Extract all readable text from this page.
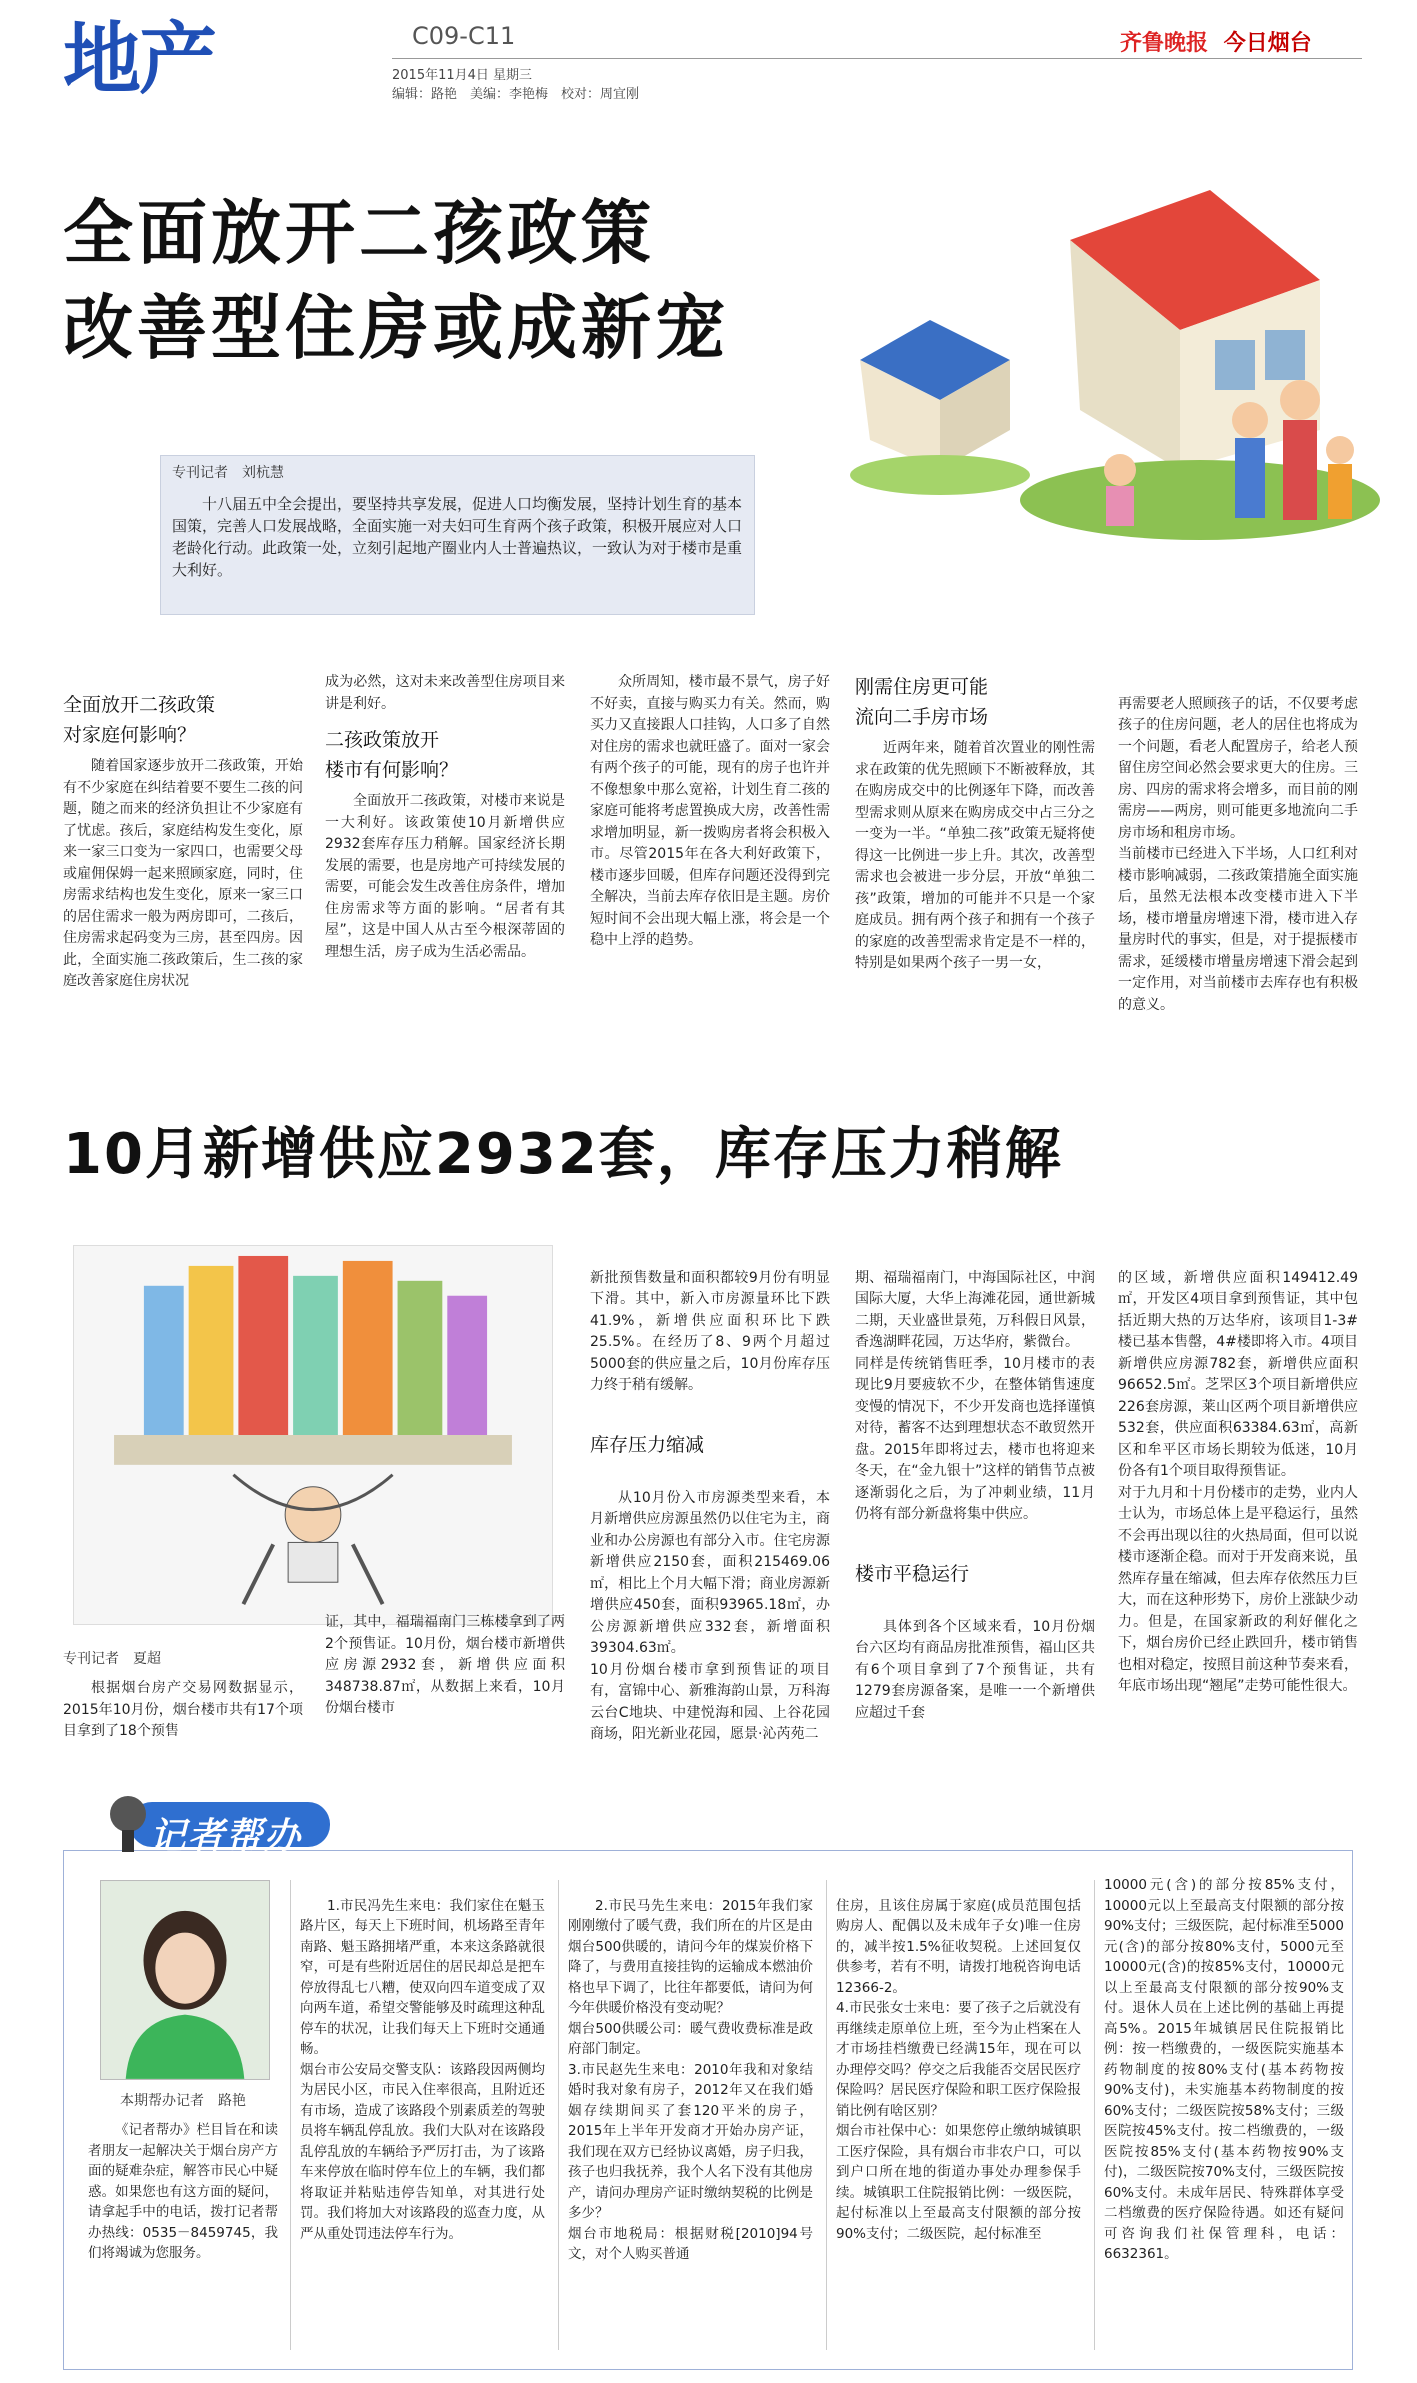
地产	C09-C11
2015年11月4日 星期三
编辑：路艳　美编：李艳梅　校对：周宜刚
齐鲁晚报 今日烟台
全面放开二孩政策
改善型住房或成新宠
专刊记者　刘杭慧
十八届五中全会提出，要坚持共享发展，促进人口均衡发展，坚持计划生育的基本国策，完善人口发展战略，全面实施一对夫妇可生育两个孩子政策，积极开展应对人口老龄化行动。此政策一处，立刻引起地产圈业内人士普遍热议，一致认为对于楼市是重大利好。
全面放开二孩政策
对家庭何影响？

随着国家逐步放开二孩政策，开始有不少家庭在纠结着要不要生二孩的问题，随之而来的经济负担让不少家庭有了忧虑。孩后，家庭结构发生变化，原来一家三口变为一家四口，也需要父母或雇佣保姆一起来照顾家庭，同时，住房需求结构也发生变化，原来一家三口的居住需求一般为两房即可，二孩后，住房需求起码变为三房，甚至四房。因此，全面实施二孩政策后，生二孩的家庭改善家庭住房状况

成为必然，这对未来改善型住房项目来讲是利好。

二孩政策放开
楼市有何影响？

全面放开二孩政策，对楼市来说是一大利好。该政策使10月新增供应2932套库存压力稍解。国家经济长期发展的需要，也是房地产可持续发展的需要，可能会发生改善住房条件，增加住房需求等方面的影响。“居者有其屋”，这是中国人从古至今根深蒂固的理想生活，房子成为生活必需品。

众所周知，楼市最不景气，房子好不好卖，直接与购买力有关。然而，购买力又直接跟人口挂钩，人口多了自然对住房的需求也就旺盛了。面对一家会有两个孩子的可能，现有的房子也许并不像想象中那么宽裕，计划生育二孩的家庭可能将考虑置换成大房，改善性需求增加明显，新一拨购房者将会积极入市。尽管2015年在各大利好政策下，楼市逐步回暖，但库存问题还没得到完全解决，当前去库存依旧是主题。房价短时间不会出现大幅上涨，将会是一个稳中上浮的趋势。

刚需住房更可能
流向二手房市场

近两年来，随着首次置业的刚性需求在政策的优先照顾下不断被释放，其在购房成交中的比例逐年下降，而改善型需求则从原来在购房成交中占三分之一变为一半。“单独二孩”政策无疑将使得这一比例进一步上升。其次，改善型需求也会被进一步分层，开放“单独二孩”政策，增加的可能并不只是一个家庭成员。拥有两个孩子和拥有一个孩子的家庭的改善型需求肯定是不一样的，特别是如果两个孩子一男一女，

再需要老人照顾孩子的话，不仅要考虑孩子的住房问题，老人的居住也将成为一个问题，看老人配置房子，给老人预留住房空间必然会要求更大的住房。三房、四房的需求将会增多，而目前的刚需房——两房，则可能更多地流向二手房市场和租房市场。
当前楼市已经进入下半场，人口红利对楼市影响减弱，二孩政策措施全面实施后，虽然无法根本改变楼市进入下半场，楼市增量房增速下滑，楼市进入存量房时代的事实，但是，对于提振楼市需求，延缓楼市增量房增速下滑会起到一定作用，对当前楼市去库存也有积极的意义。

10月新增供应2932套，库存压力稍解
专刊记者　夏超

根据烟台房产交易网数据显示，2015年10月份，烟台楼市共有17个项目拿到了18个预售

证，其中，福瑞福南门三栋楼拿到了两2个预售证。10月份，烟台楼市新增供应房源2932套，新增供应面积348738.87㎡，从数据上来看，10月份烟台楼市

新批预售数量和面积都较9月份有明显下滑。其中，新入市房源量环比下跌41.9%，新增供应面积环比下跌25.5%。在经历了8、9两个月超过5000套的供应量之后，10月份库存压力终于稍有缓解。

库存压力缩减

从10月份入市房源类型来看，本月新增供应房源虽然仍以住宅为主，商业和办公房源也有部分入市。住宅房源新增供应2150套，面积215469.06㎡，相比上个月大幅下滑；商业房源新增供应450套，面积93965.18㎡，办公房源新增供应332套，新增面积39304.63㎡。
10月份烟台楼市拿到预售证的项目有，富锦中心、新雅海韵山景，万科海云台C地块、中建悦海和园、上谷花园商场，阳光新业花园，愿景·沁芮苑二

期、福瑞福南门，中海国际社区，中润国际大厦，大华上海滩花园，通世新城二期，天业盛世景苑，万科假日风景，香逸湖畔花园，万达华府，紫微台。
同样是传统销售旺季，10月楼市的表现比9月要疲软不少，在整体销售速度变慢的情况下，不少开发商也选择谨慎对待，蓄客不达到理想状态不敢贸然开盘。2015年即将过去，楼市也将迎来冬天，在“金九银十”这样的销售节点被逐渐弱化之后，为了冲刺业绩，11月仍将有部分新盘将集中供应。

楼市平稳运行

具体到各个区域来看，10月份烟台六区均有商品房批准预售，福山区共有6个项目拿到了7个预售证，共有1279套房源备案，是唯一一个新增供应超过千套

的区域，新增供应面积149412.49㎡，开发区4项目拿到预售证，其中包括近期大热的万达华府，该项目1-3#楼已基本售罄，4#楼即将入市。4项目新增供应房源782套，新增供应面积96652.5㎡。芝罘区3个项目新增供应226套房源，莱山区两个项目新增供应532套，供应面积63384.63㎡，高新区和牟平区市场长期较为低迷，10月份各有1个项目取得预售证。
对于九月和十月份楼市的走势，业内人士认为，市场总体上是平稳运行，虽然不会再出现以往的火热局面，但可以说楼市逐渐企稳。而对于开发商来说，虽然库存量在缩减，但去库存依然压力巨大，而在这种形势下，房价上涨缺少动力。但是，在国家新政的利好催化之下，烟台房价已经止跌回升，楼市销售也相对稳定，按照目前这种节奏来看，年底市场出现“翘尾”走势可能性很大。

记者帮办
本期帮办记者　路艳

《记者帮办》栏目旨在和读者朋友一起解决关于烟台房产方面的疑难杂症，解答市民心中疑惑。如果您也有这方面的疑问，请拿起手中的电话，拨打记者帮办热线：0535－8459745，我们将竭诚为您服务。

1.市民冯先生来电：我们家住在魁玉路片区，每天上下班时间，机场路至青年南路、魁玉路拥堵严重，本来这条路就很窄，可是有些附近居住的居民却总是把车停放得乱七八糟，使双向四车道变成了双向两车道，希望交警能够及时疏理这种乱停车的状况，让我们每天上下班时交通通畅。
烟台市公安局交警支队：该路段因两侧均为居民小区，市民入住率很高，且附近还有市场，造成了该路段个别素质差的驾驶员将车辆乱停乱放。我们大队对在该路段乱停乱放的车辆给予严厉打击，为了该路车来停放在临时停车位上的车辆，我们都将取证并粘贴违停告知单，对其进行处罚。我们将加大对该路段的巡查力度，从严从重处罚违法停车行为。

2.市民马先生来电：2015年我们家刚刚缴付了暖气费，我们所在的片区是由烟台500供暖的，请问今年的煤炭价格下降了，与费用直接挂钩的运输成本燃油价格也早下调了，比往年都要低，请问为何今年供暖价格没有变动呢？
烟台500供暖公司：暖气费收费标准是政府部门制定。
3.市民赵先生来电：2010年我和对象结婚时我对象有房子，2012年又在我们婚姻存续期间买了套120平米的房子，2015年上半年开发商才开始办房产证，我们现在双方已经协议离婚，房子归我，孩子也归我抚养，我个人名下没有其他房产，请问办理房产证时缴纳契税的比例是多少？
烟台市地税局：根据财税[2010]94号文，对个人购买普通

住房，且该住房属于家庭(成员范围包括购房人、配偶以及未成年子女)唯一住房的，减半按1.5%征收契税。上述回复仅供参考，若有不明，请拨打地税咨询电话12366-2。
4.市民张女士来电：要了孩子之后就没有再继续走原单位上班，至今为止档案在人才市场挂档缴费已经满15年，现在可以办理停交吗？停交之后我能否交居民医疗保险吗？居民医疗保险和职工医疗保险报销比例有啥区别？
烟台市社保中心：如果您停止缴纳城镇职工医疗保险，具有烟台市非农户口，可以到户口所在地的街道办事处办理参保手续。城镇职工住院报销比例：一级医院，起付标准以上至最高支付限额的部分按90%支付；二级医院，起付标准至

10000元(含)的部分按85%支付，10000元以上至最高支付限额的部分按90%支付；三级医院，起付标准至5000元(含)的部分按80%支付，5000元至10000元(含)的按85%支付，10000元以上至最高支付限额的部分按90%支付。退休人员在上述比例的基础上再提高5%。2015年城镇居民住院报销比例：按一档缴费的，一级医院实施基本药物制度的按80%支付(基本药物按90%支付)，未实施基本药物制度的按60%支付；二级医院按58%支付；三级医院按45%支付。按二档缴费的，一级医院按85%支付(基本药物按90%支付)，二级医院按70%支付，三级医院按60%支付。未成年居民、特殊群体享受二档缴费的医疗保险待遇。如还有疑问可咨询我们社保管理科，电话：6632361。
